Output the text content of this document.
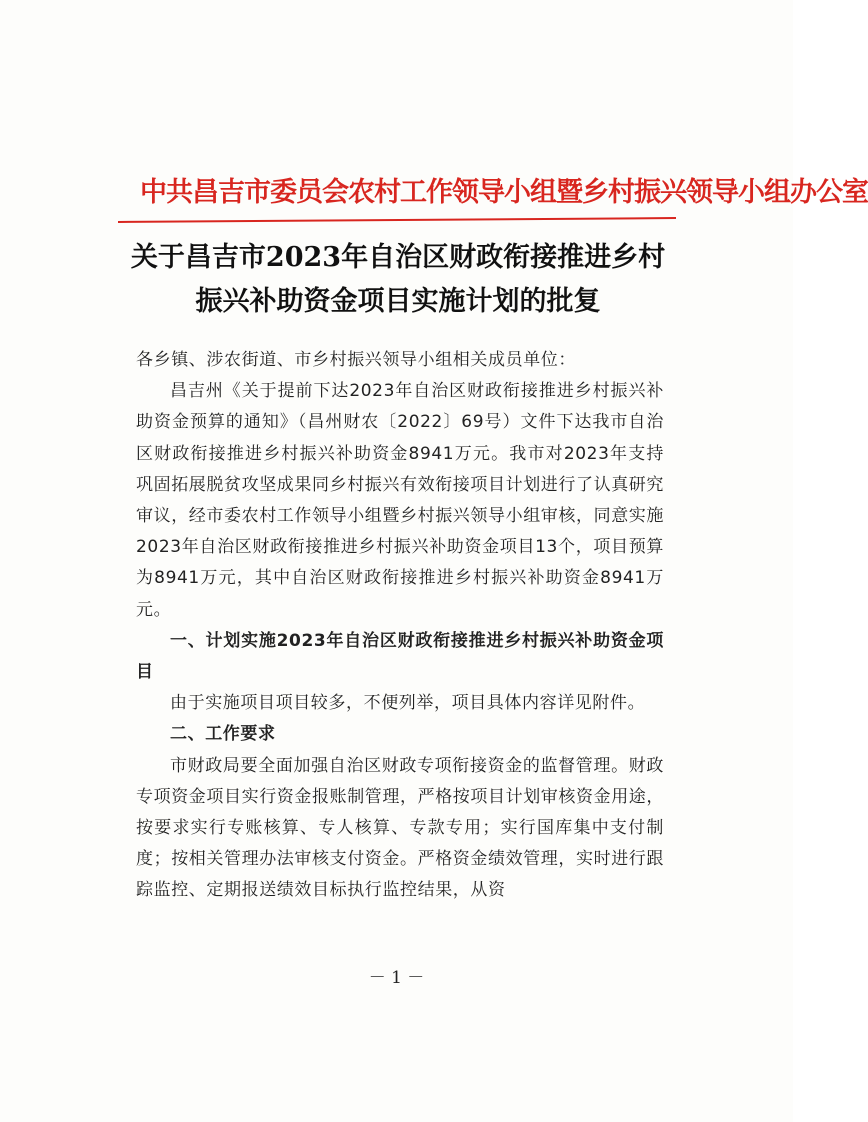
中共昌吉市委员会农村工作领导小组暨乡村振兴领导小组办公室
关于昌吉市2023年自治区财政衔接推进乡村
振兴补助资金项目实施计划的批复

各乡镇、涉农街道、市乡村振兴领导小组相关成员单位：

昌吉州《关于提前下达2023年自治区财政衔接推进乡村振兴补助资金预算的通知》（昌州财农〔2022〕69号）文件下达我市自治区财政衔接推进乡村振兴补助资金8941万元。我市对2023年支持巩固拓展脱贫攻坚成果同乡村振兴有效衔接项目计划进行了认真研究审议，经市委农村工作领导小组暨乡村振兴领导小组审核，同意实施2023年自治区财政衔接推进乡村振兴补助资金项目13个，项目预算为8941万元，其中自治区财政衔接推进乡村振兴补助资金8941万元。

一、计划实施2023年自治区财政衔接推进乡村振兴补助资金项目

由于实施项目项目较多，不便列举，项目具体内容详见附件。

二、工作要求

市财政局要全面加强自治区财政专项衔接资金的监督管理。财政专项资金项目实行资金报账制管理，严格按项目计划审核资金用途，按要求实行专账核算、专人核算、专款专用；实行国库集中支付制度；按相关管理办法审核支付资金。严格资金绩效管理，实时进行跟踪监控、定期报送绩效目标执行监控结果，从资

－ 1 －
